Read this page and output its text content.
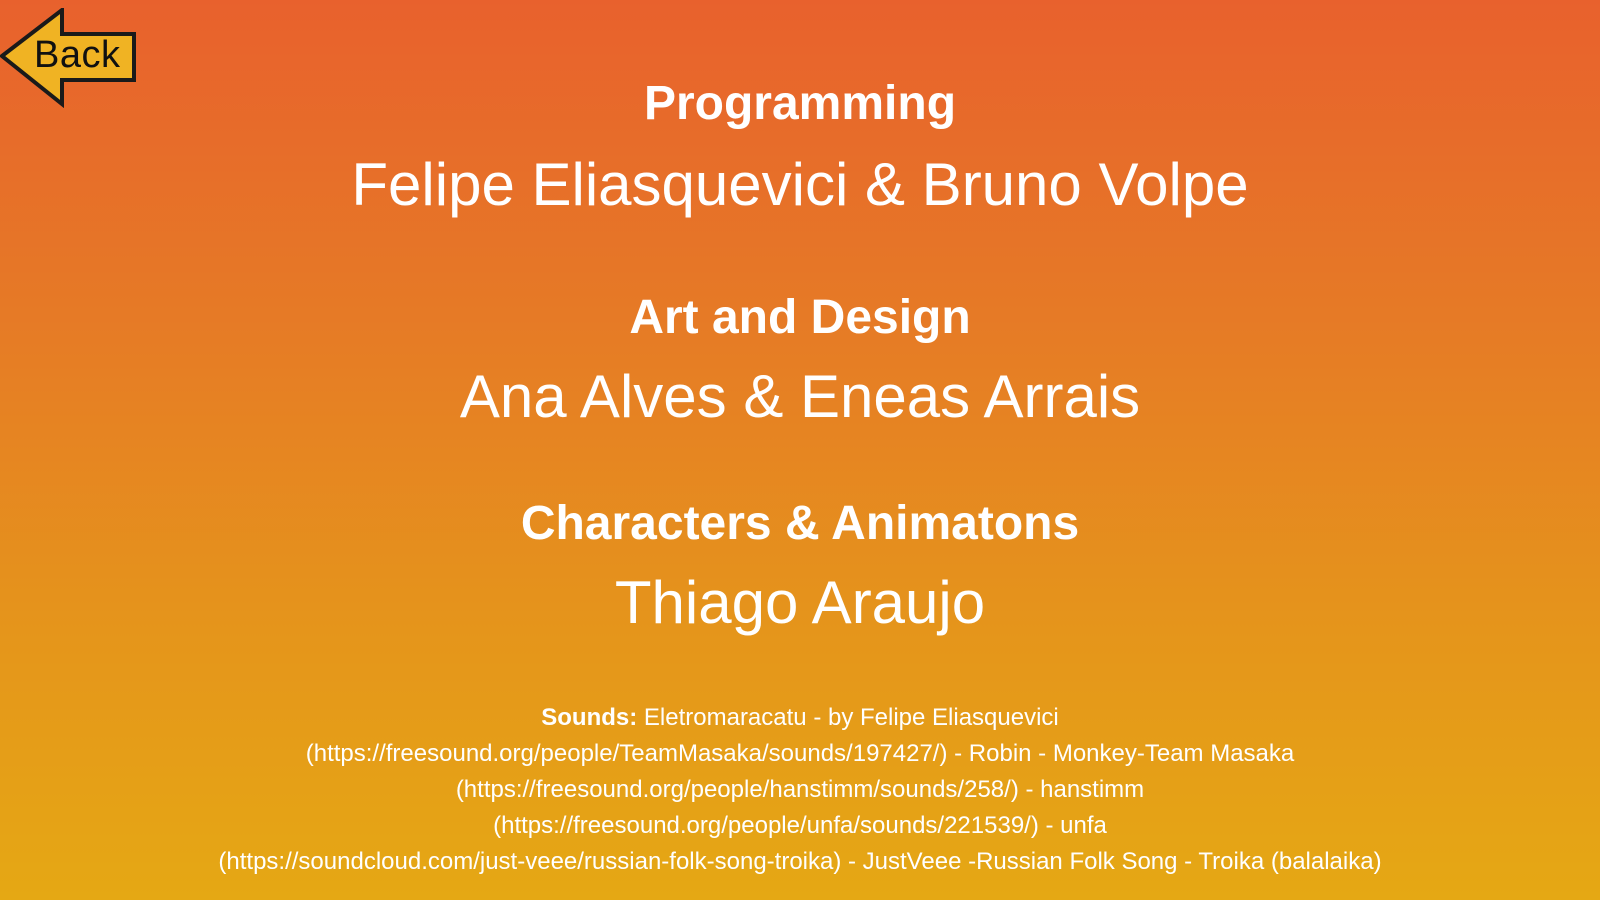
Back
Programming
Felipe Eliasquevici & Bruno Volpe
Art and Design
Ana Alves & Eneas Arrais
Characters & Animatons
Thiago Araujo
Sounds: Eletromaracatu - by Felipe Eliasquevici
(https://freesound.org/people/TeamMasaka/sounds/197427/) - Robin - Monkey-Team Masaka
(https://freesound.org/people/hanstimm/sounds/258/) - hanstimm
(https://freesound.org/people/unfa/sounds/221539/) - unfa
(https://soundcloud.com/just-veee/russian-folk-song-troika) - JustVeee -Russian Folk Song - Troika (balalaika)
